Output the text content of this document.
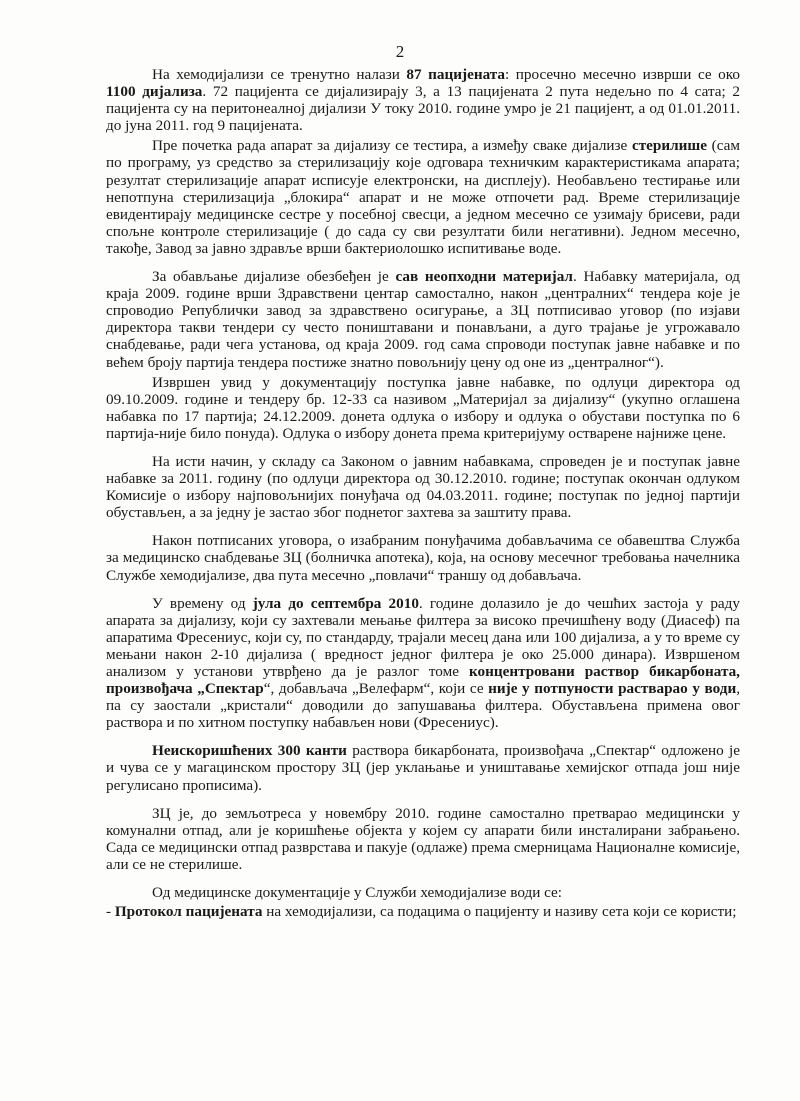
2

На хемодијализи се тренутно налази 87 пацијената: просечно месечно изврши се око 1100 дијализа. 72 пацијента се дијализирају 3, а 13 пацијената 2 пута недељно по 4 сата; 2 пацијента су на перитонеалној дијализи У току 2010. године умро је 21 пацијент, а од 01.01.2011. до јуна 2011. год 9 пацијената.

Пре почетка рада апарат за дијализу се тестира, а између сваке дијализе стерилише (сам по програму, уз средство за стерилизацију које одговара техничким карактеристикама апарата; резултат стерилизације апарат исписује електронски, на дисплеју). Необављено тестирање или непотпуна стерилизација „блокира“ апарат и не може отпочети рад. Време стерилизације евидентирају медицинске сестре у посебној свесци, а једном месечно се узимају брисеви, ради спољне контроле стерилизације ( до сада су сви резултати били негативни). Једном месечно, такође, Завод за јавно здравље врши бактериолошко испитивање воде.

За обављање дијализе обезбеђен је сав неопходни материјал. Набавку материјала, од краја 2009. године врши Здравствени центар самостално, након „централних“ тендера које је спроводио Републички завод за здравствено осигурање, а ЗЦ потписивао уговор (по изјави директора такви тендери су често поништавани и понављани, а дуго трајање је угрожавало снабдевање, ради чега установа, од краја 2009. год сама спроводи поступак јавне набавке и по већем броју партија тендера постиже знатно повољнију цену од оне из „централног“).

Извршен увид у документацију поступка јавне набавке, по одлуци директора од 09.10.2009. године и тендеру бр. 12-33 са називом „Материјал за дијализу“ (укупно оглашена набавка по 17 партија; 24.12.2009. донета одлука о избору и одлука о обустави поступка по 6 партија-није било понуда). Одлука о избору донета према критеријуму остварене најниже цене.

На исти начин, у складу са Законом о јавним набавкама, спроведен је и поступак јавне набавке за 2011. годину (по одлуци директора од 30.12.2010. године; поступак окончан одлуком Комисије о избору најповољнијих понуђача од 04.03.2011. године; поступак по једној партији обустављен, а за једну је застао због поднетог захтева за заштиту права.

Након потписаних уговора, о изабраним понуђачима добављачима се обавештва Служба за медицинско снабдевање ЗЦ (болничка апотека), која, на основу месечног требовања начелника Службе хемодијализе, два пута месечно „повлачи“ траншу од добављача.

У времену од јула до септембра 2010. године долазило је до чешћих застоја у раду апарата за дијализу, који су захтевали мењање филтера за високо пречишћену воду (Диасеф) па апаратима Фресениус, који су, по стандарду, трајали месец дана или 100 дијализа, а у то време су мењани након 2-10 дијализа ( вредност једног филтера је око 25.000 динара). Извршеном анализом у установи утврђено да је разлог томе концентровани раствор бикарбоната, произвођача „Спектар“, добављача „Велефарм“, који се није у потпуности растварао у води, па су заостали „кристали“ доводили до запушавања филтера. Обустављена примена овог раствора и по хитном поступку набављен нови (Фресениус).

Неискоришћених 300 канти раствора бикарбоната, произвођача „Спектар“ одложено је и чува се у магацинском простору ЗЦ (јер уклањање и уништавање хемијског отпада још није регулисано прописима).

ЗЦ је, до земљотреса у новембру 2010. године самостално претварао медицински у комунални отпад, али је коришћење објекта у којем су апарати били инсталирани забрањено. Сада се медицински отпад разврстава и пакује (одлаже) према смерницама Националне комисије, али се не стерилише.

Од медицинске документације у Служби хемодијализе води се:

- Протокол пацијената на хемодијализи, са подацима о пацијенту и називу сета који се користи;
